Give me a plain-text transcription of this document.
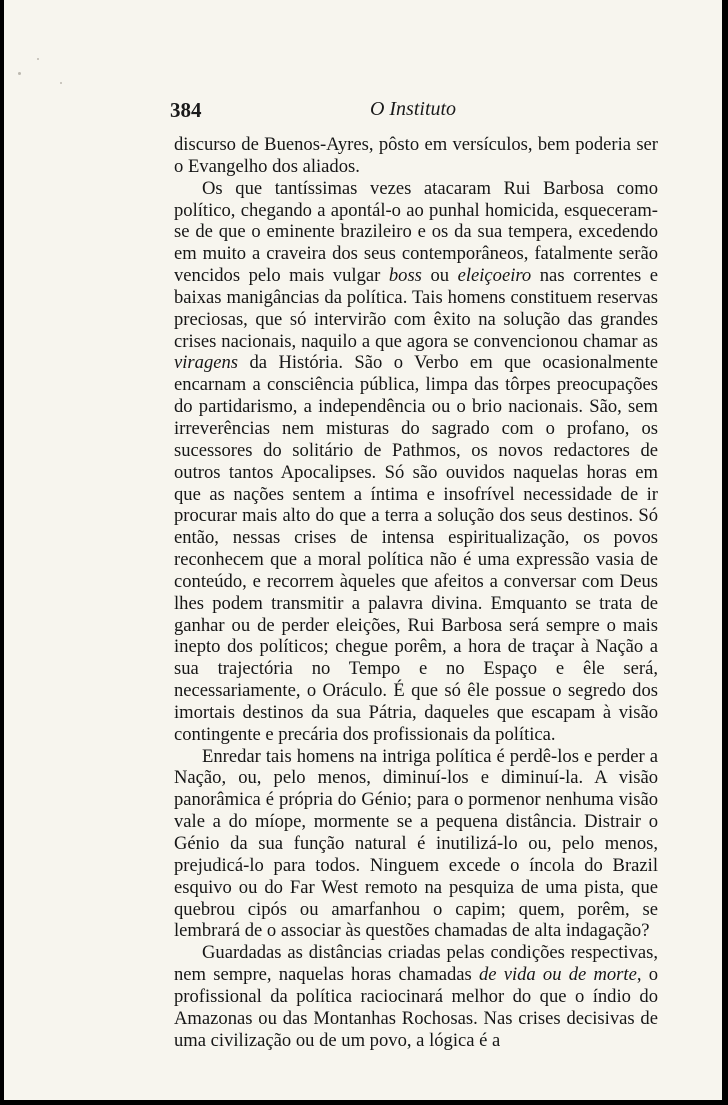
384	O Instituto

discurso de Buenos-Ayres, pôsto em versículos, bem poderia ser o Evangelho dos aliados.

Os que tantíssimas vezes atacaram Rui Barbosa como político, chegando a apontál-o ao punhal homicida, esqueceram-se de que o eminente brazileiro e os da sua tempera, excedendo em muito a craveira dos seus contemporâneos, fatalmente serão vencidos pelo mais vulgar boss ou eleiçoeiro nas correntes e baixas manigâncias da política. Tais homens constituem reservas preciosas, que só intervirão com êxito na solução das grandes crises nacionais, naquilo a que agora se convencionou chamar as viragens da História. São o Verbo em que ocasionalmente encarnam a consciência pública, limpa das tôrpes preocupações do partidarismo, a independência ou o brio nacionais. São, sem irreverências nem misturas do sagrado com o profano, os sucessores do solitário de Pathmos, os novos redactores de outros tantos Apocalipses. Só são ouvidos naquelas horas em que as nações sentem a íntima e insofrível necessidade de ir procurar mais alto do que a terra a solução dos seus destinos. Só então, nessas crises de intensa espiritualização, os povos reconhecem que a moral política não é uma expressão vasia de conteúdo, e recorrem àqueles que afeitos a conversar com Deus lhes podem transmitir a palavra divina. Emquanto se trata de ganhar ou de perder eleições, Rui Barbosa será sempre o mais inepto dos políticos; chegue porêm, a hora de traçar à Nação a sua trajectória no Tempo e no Espaço e êle será, necessariamente, o Oráculo. É que só êle possue o segredo dos imortais destinos da sua Pátria, daqueles que escapam à visão contingente e precária dos profissionais da política.

Enredar tais homens na intriga política é perdê-los e perder a Nação, ou, pelo menos, diminuí-los e diminuí-la. A visão panorâmica é própria do Génio; para o pormenor nenhuma visão vale a do míope, mormente se a pequena distância. Distrair o Génio da sua função natural é inutilizá-lo ou, pelo menos, prejudicá-lo para todos. Ninguem excede o íncola do Brazil esquivo ou do Far West remoto na pesquiza de uma pista, que quebrou cipós ou amarfanhou o capim; quem, porêm, se lembrará de o associar às questões chamadas de alta indagação?

Guardadas as distâncias criadas pelas condições respectivas, nem sempre, naquelas horas chamadas de vida ou de morte, o profissional da política raciocinará melhor do que o índio do Amazonas ou das Montanhas Rochosas. Nas crises decisivas de uma civilização ou de um povo, a lógica é a
